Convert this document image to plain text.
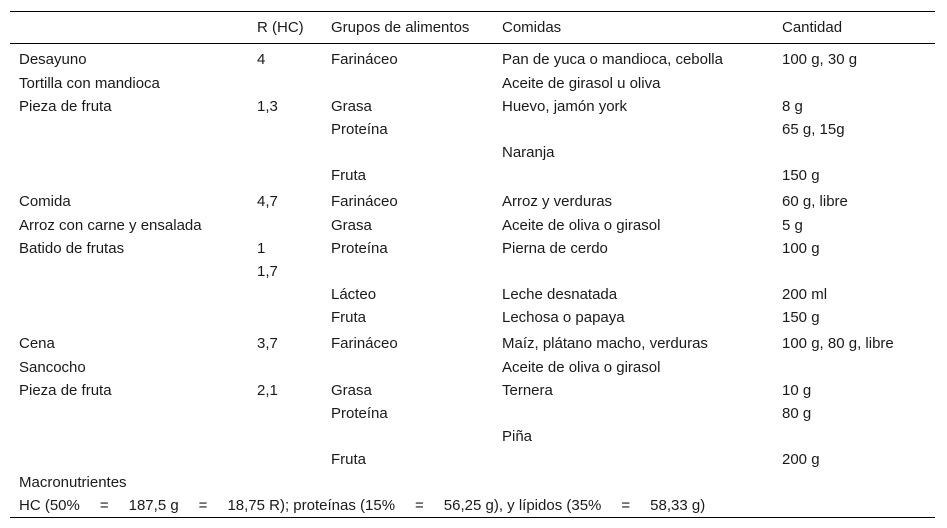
	R (HC)	Grupos de alimentos	Comidas	Cantidad
Desayuno	4	Farináceo	Pan de yuca o mandioca, cebolla	100 g, 30 g
Tortilla con mandioca			Aceite de girasol u oliva	
Pieza de fruta	1,3	Grasa	Huevo, jamón york	8 g
		Proteína		65 g, 15g
			Naranja	
		Fruta		150 g
Comida	4,7	Farináceo	Arroz y verduras	60 g, libre
Arroz con carne y ensalada		Grasa	Aceite de oliva o girasol	5 g
Batido de frutas	1	Proteína	Pierna de cerdo	100 g
	1,7			
		Lácteo	Leche desnatada	200 ml
		Fruta	Lechosa o papaya	150 g
Cena	3,7	Farináceo	Maíz, plátano macho, verduras	100 g, 80 g, libre
Sancocho			Aceite de oliva o girasol	
Pieza de fruta	2,1	Grasa	Ternera	10 g
		Proteína		80 g
			Piña	
		Fruta		200 g
Macronutrientes				
HC (50% = 187,5 g = 18,75 R); proteínas (15% = 56,25 g), y lípidos (35% = 58,33 g)				
